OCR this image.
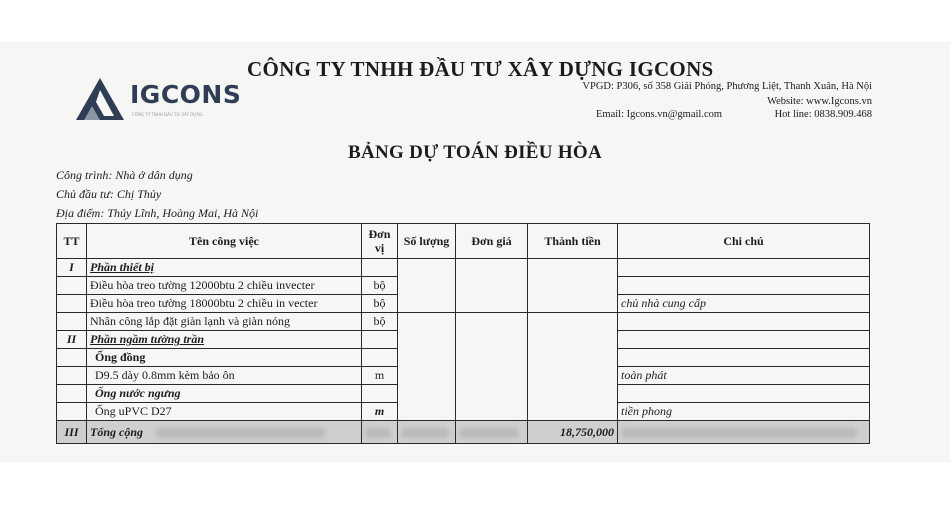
IGCONS
CÔNG TY TNHH ĐẦU TƯ XÂY DỰNG
CÔNG TY TNHH ĐẦU TƯ XÂY DỰNG IGCONS
VPGD: P306, số 358 Giải Phóng, Phương Liệt, Thanh Xuân, Hà Nội
Website: www.Igcons.vn
Email: Igcons.vn@gmail.com	Hot line: 0838.909.468
BẢNG DỰ TOÁN ĐIỀU HÒA
Công trình: Nhà ở dân dụng
Chủ đầu tư: Chị Thủy
Địa điểm: Thúy Lĩnh, Hoàng Mai, Hà Nội
TT	Tên công việc	Đơn vị	Số lượng	Đơn giá	Thành tiền	Chi chú
I	Phần thiết bị					
	Điều hòa treo tường 12000btu 2 chiều invecter	bộ				
	Điều hòa treo tường 18000btu 2 chiều in vecter	bộ				chủ nhà cung cấp
	Nhân công lắp đặt giàn lạnh và giàn nóng	bộ				
II	Phần ngầm tường trần					
	Ống đồng					
	D9.5 dày 0.8mm kèm bảo ôn	m				toàn phát
	Ống nước ngưng					
	Ống uPVC D27	m				tiền phong
III	Tổng cộng				18,750,000	
